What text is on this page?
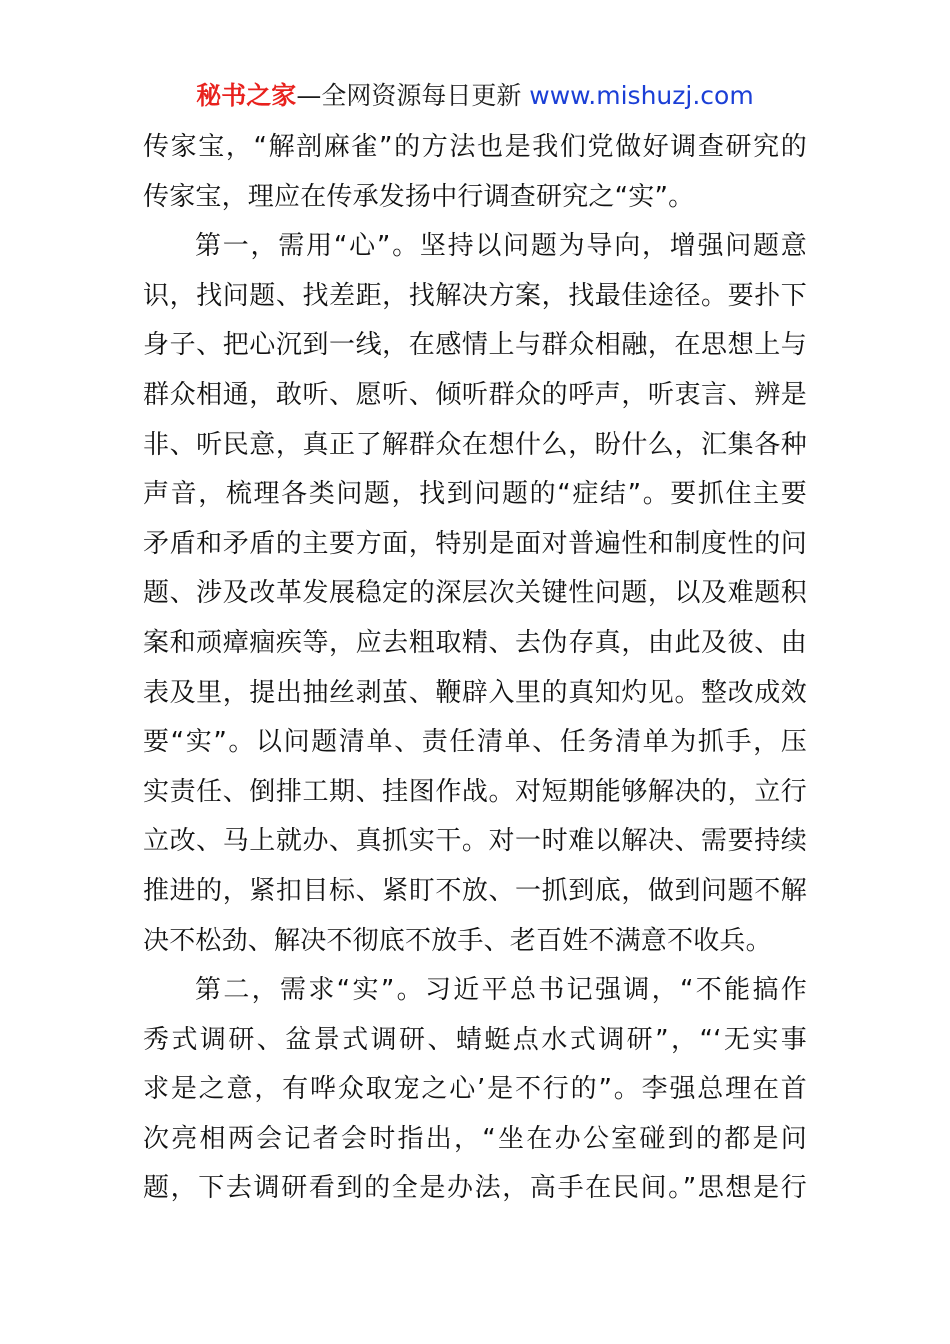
秘书之家—全网资源每日更新 www.mishuzj.com
传家宝，“解剖麻雀”的方法也是我们党做好调查研究的
传家宝，理应在传承发扬中行调查研究之“实”。
第一，需用“心”。坚持以问题为导向，增强问题意
识，找问题、找差距，找解决方案，找最佳途径。要扑下
身子、把心沉到一线，在感情上与群众相融，在思想上与
群众相通，敢听、愿听、倾听群众的呼声，听衷言、辨是
非、听民意，真正了解群众在想什么，盼什么，汇集各种
声音，梳理各类问题，找到问题的“症结”。要抓住主要
矛盾和矛盾的主要方面，特别是面对普遍性和制度性的问
题、涉及改革发展稳定的深层次关键性问题，以及难题积
案和顽瘴痼疾等，应去粗取精、去伪存真，由此及彼、由
表及里，提出抽丝剥茧、鞭辟入里的真知灼见。整改成效
要“实”。以问题清单、责任清单、任务清单为抓手，压
实责任、倒排工期、挂图作战。对短期能够解决的，立行
立改、马上就办、真抓实干。对一时难以解决、需要持续
推进的，紧扣目标、紧盯不放、一抓到底，做到问题不解
决不松劲、解决不彻底不放手、老百姓不满意不收兵。
第二，需求“实”。习近平总书记强调，“不能搞作
秀式调研、盆景式调研、蜻蜓点水式调研”，“‘无实事
求是之意，有哗众取宠之心’是不行的”。李强总理在首
次亮相两会记者会时指出，“坐在办公室碰到的都是问
题，下去调研看到的全是办法，高手在民间。”思想是行
